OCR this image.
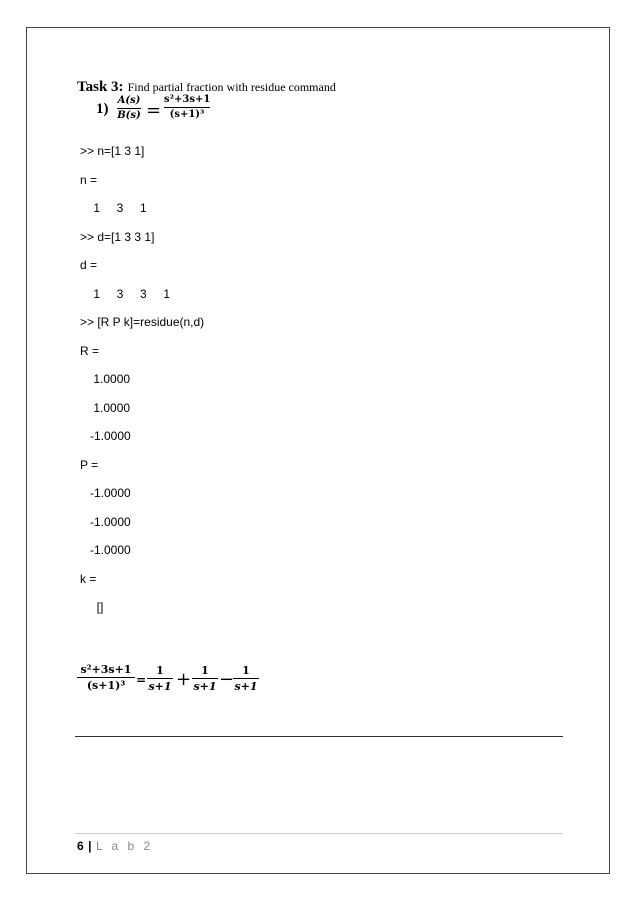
Task 3: Find partial fraction with residue command
1)
A(s)
B(s) =
s²+3s+1
(s+1)³
>> n=[1 3 1]
n =
1     3     1
>> d=[1 3 3 1]
d =
1     3     3     1
>> [R P k]=residue(n,d)
R =
1.0000
1.0000
-1.0000
P =
-1.0000
-1.0000
-1.0000
k =
[]
s²+3s+1
(s+1)³ =
1
s+1 + 1
s+1 − 1
s+1
6 | L a b 2
